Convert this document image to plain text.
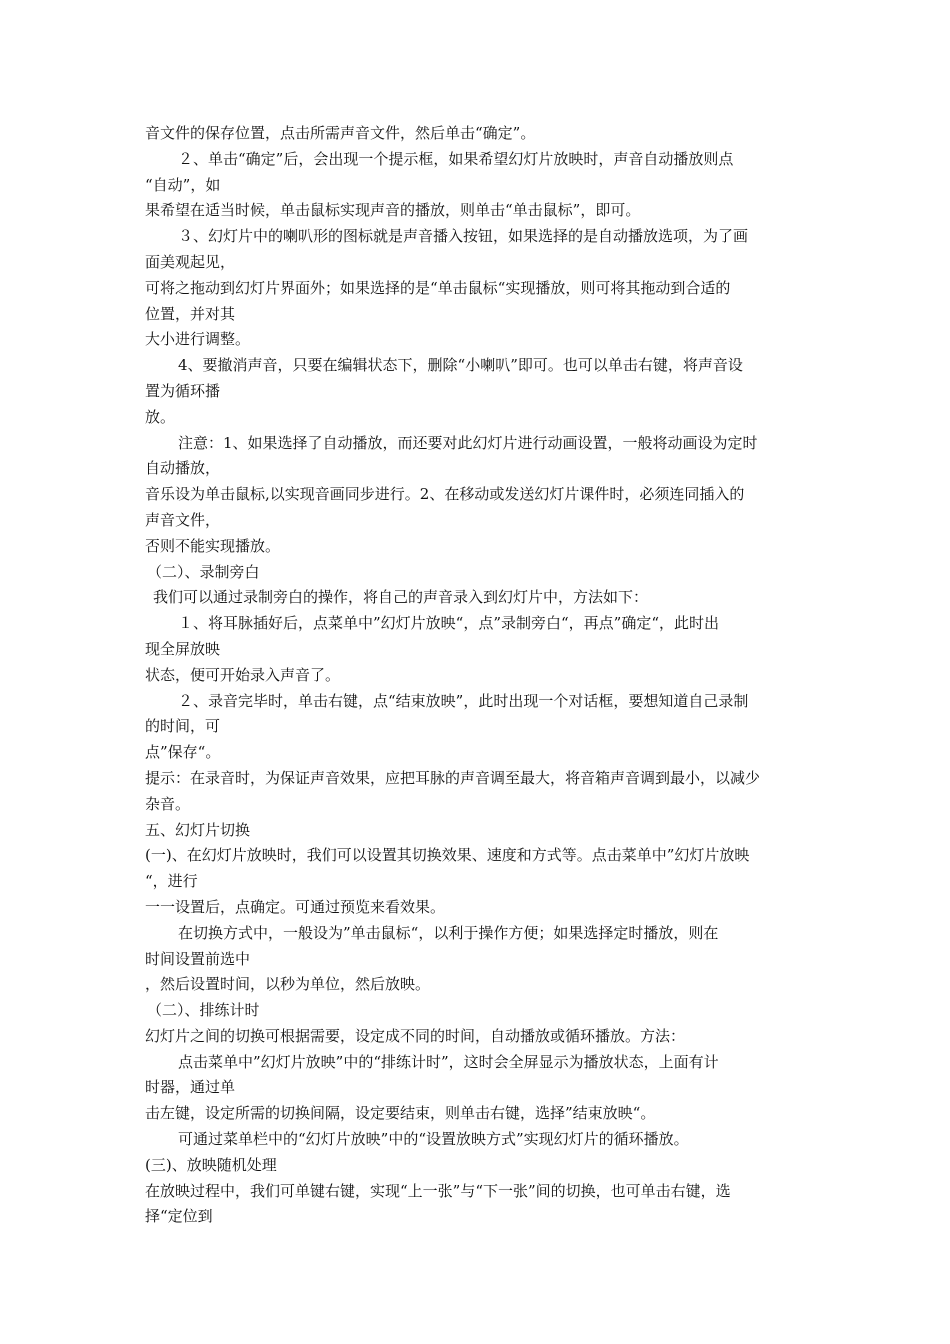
音文件的保存位置，点击所需声音文件，然后单击“确定”。
２、单击“确定”后，会出现一个提示框，如果希望幻灯片放映时，声音自动播放则点
“自动”，如
果希望在适当时候，单击鼠标实现声音的播放，则单击“单击鼠标”，即可。
３、幻灯片中的喇叭形的图标就是声音播入按钮，如果选择的是自动播放选项，为了画
面美观起见，
可将之拖动到幻灯片界面外；如果选择的是“单击鼠标“实现播放，则可将其拖动到合适的
位置，并对其
大小进行调整。
4、要撤消声音，只要在编辑状态下，删除“小喇叭”即可。也可以单击右键，将声音设
置为循环播
放。
注意：1、如果选择了自动播放，而还要对此幻灯片进行动画设置，一般将动画设为定时
自动播放，
音乐设为单击鼠标,以实现音画同步进行。2、在移动或发送幻灯片课件时，必须连同插入的
声音文件，
否则不能实现播放。
（二）、录制旁白
我们可以通过录制旁白的操作，将自己的声音录入到幻灯片中，方法如下：
１、将耳脉插好后，点菜单中”幻灯片放映“，点”录制旁白“，再点”确定“，此时出
现全屏放映
状态，便可开始录入声音了。
２、录音完毕时，单击右键，点“结束放映”，此时出现一个对话框，要想知道自己录制
的时间，可
点”保存“。
提示：在录音时，为保证声音效果，应把耳脉的声音调至最大，将音箱声音调到最小，以减少
杂音。
五、幻灯片切换
(一)、在幻灯片放映时，我们可以设置其切换效果、速度和方式等。点击菜单中”幻灯片放映
“，进行
一一设置后，点确定。可通过预览来看效果。
在切换方式中，一般设为”单击鼠标“，以利于操作方便；如果选择定时播放，则在
时间设置前选中
，然后设置时间，以秒为单位，然后放映。
（二）、排练计时
幻灯片之间的切换可根据需要，设定成不同的时间，自动播放或循环播放。方法：
点击菜单中”幻灯片放映”中的“排练计时”，这时会全屏显示为播放状态，上面有计
时器，通过单
击左键，设定所需的切换间隔，设定要结束，则单击右键，选择”结束放映“。
可通过菜单栏中的“幻灯片放映”中的“设置放映方式”实现幻灯片的循环播放。
(三)、放映随机处理
在放映过程中，我们可单键右键，实现“上一张”与“下一张”间的切换，也可单击右键，选
择“定位到
